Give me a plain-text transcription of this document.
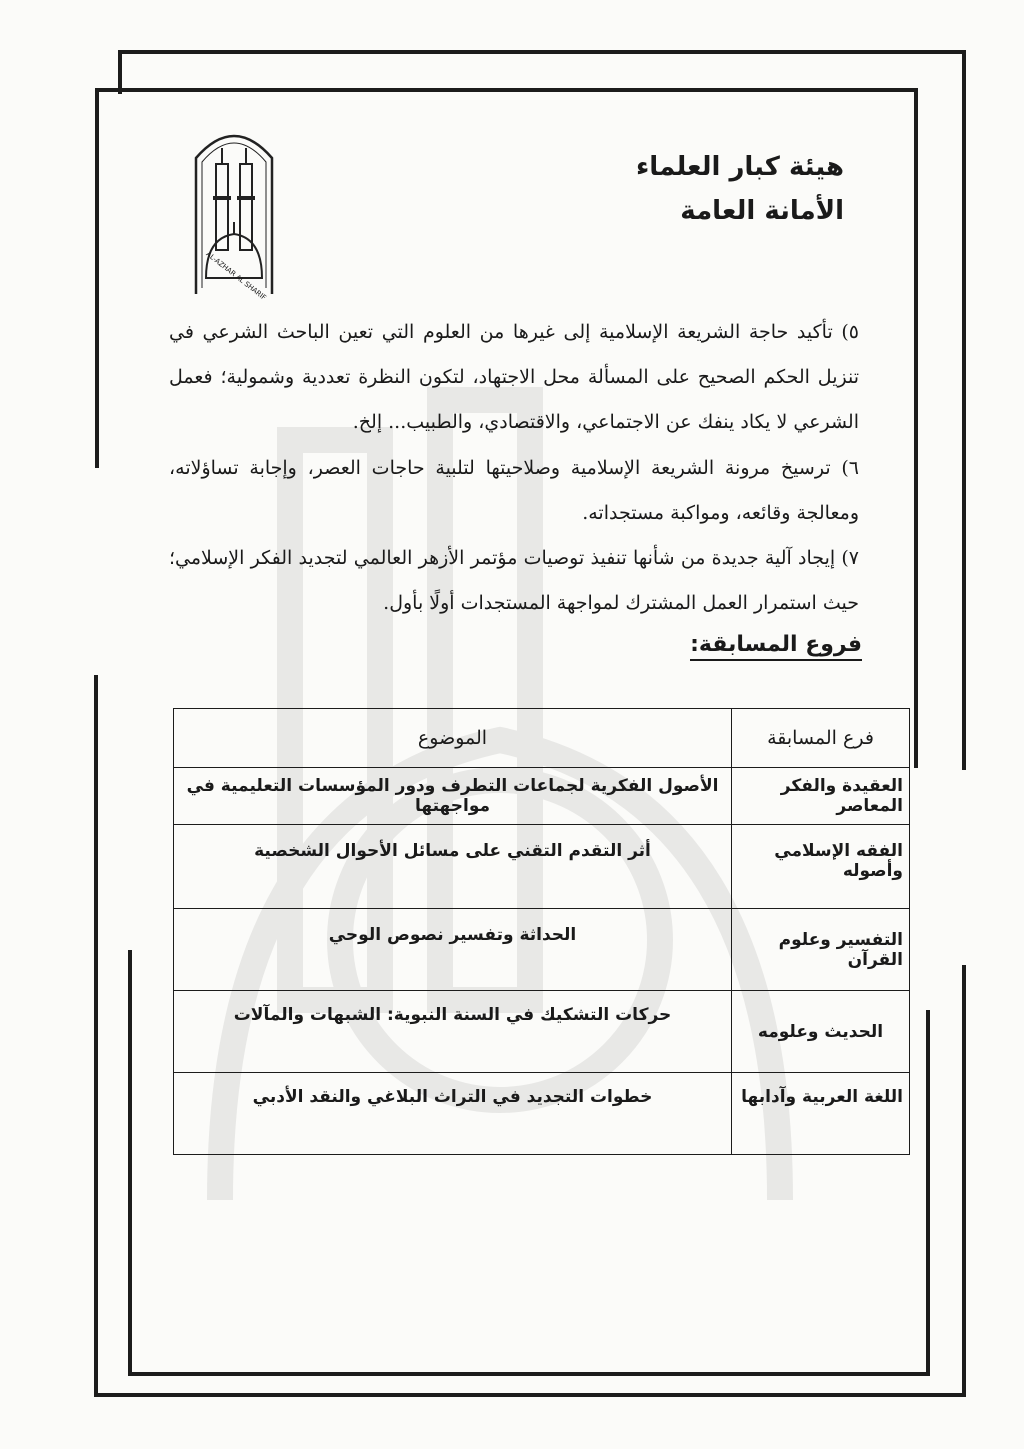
هيئة كبار العلماء
الأمانة العامة
AL-AZHAR AL SHARIF
٥) تأكيد حاجة الشريعة الإسلامية إلى غيرها من العلوم التي تعين الباحث الشرعي في تنزيل الحكم الصحيح على المسألة محل الاجتهاد، لتكون النظرة تعددية وشمولية؛ فعمل الشرعي لا يكاد ينفك عن الاجتماعي، والاقتصادي، والطبيب... إلخ.
٦) ترسيخ مرونة الشريعة الإسلامية وصلاحيتها لتلبية حاجات العصر، وإجابة تساؤلاته، ومعالجة وقائعه، ومواكبة مستجداته.
٧) إيجاد آلية جديدة من شأنها تنفيذ توصيات مؤتمر الأزهر العالمي لتجديد الفكر الإسلامي؛ حيث استمرار العمل المشترك لمواجهة المستجدات أولًا بأول.
فروع المسابقة:
فرع المسابقة	الموضوع
العقيدة والفكر المعاصر	الأصول الفكرية لجماعات التطرف ودور المؤسسات التعليمية في مواجهتها
الفقه الإسلامي وأصوله	أثر التقدم التقني على مسائل الأحوال الشخصية
التفسير وعلوم القرآن	الحداثة وتفسير نصوص الوحي
الحديث وعلومه	حركات التشكيك في السنة النبوية: الشبهات والمآلات
اللغة العربية وآدابها	خطوات التجديد في التراث البلاغي والنقد الأدبي
